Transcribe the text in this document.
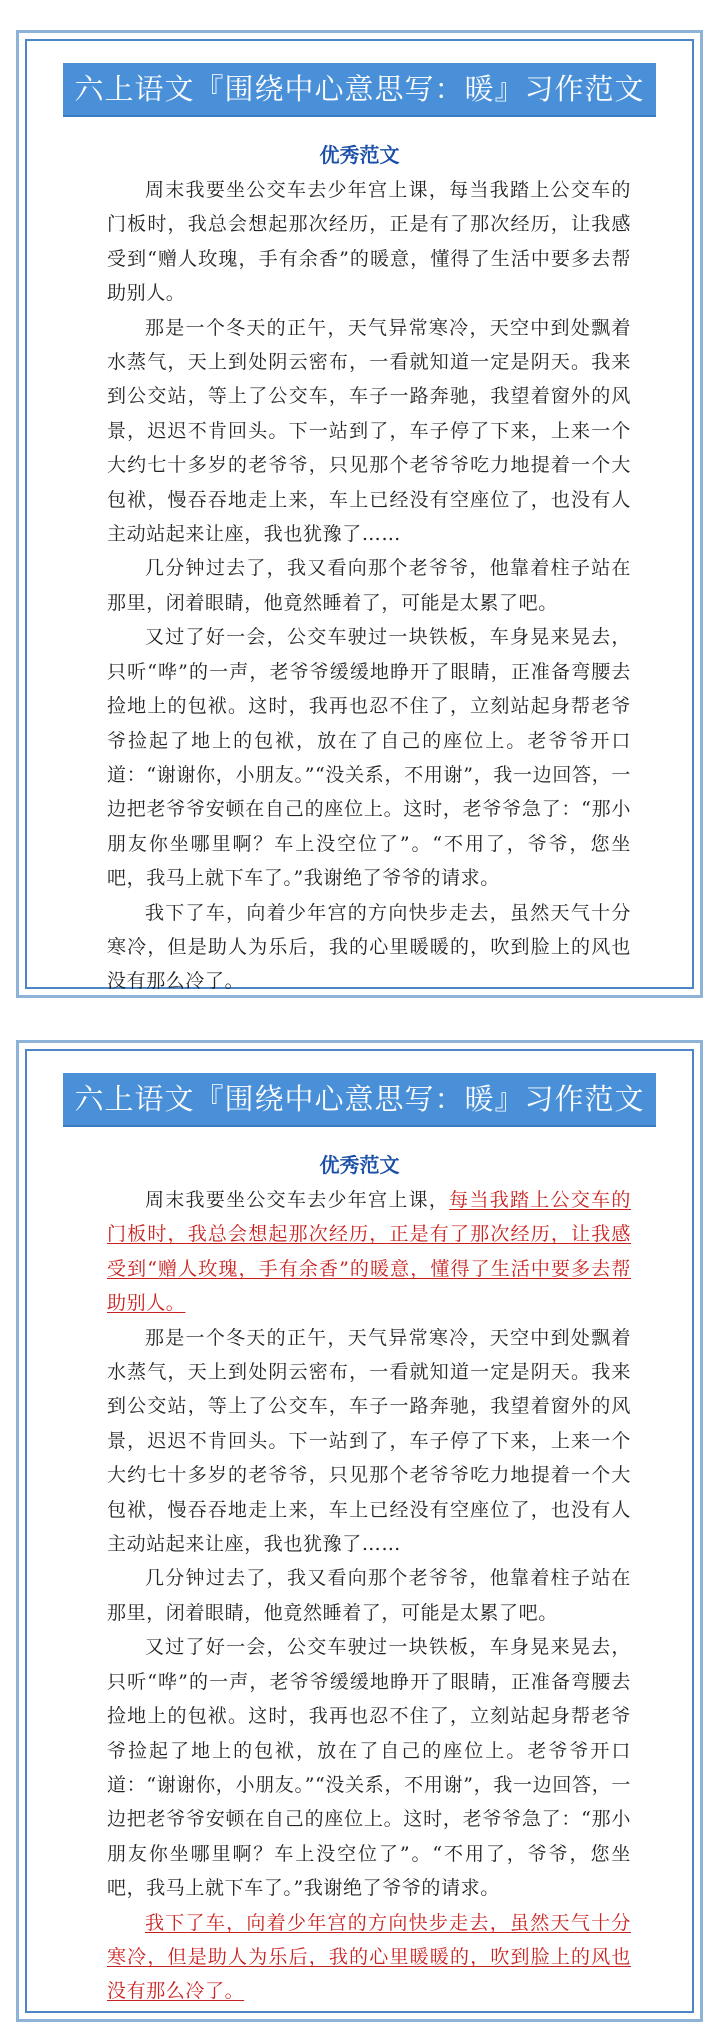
六上语文『围绕中心意思写：暖』习作范文
优秀范文

周末我要坐公交车去少年宫上课，每当我踏上公交车的门板时，我总会想起那次经历，正是有了那次经历，让我感受到“赠人玫瑰，手有余香”的暖意，懂得了生活中要多去帮助别人。

那是一个冬天的正午，天气异常寒冷，天空中到处飘着水蒸气，天上到处阴云密布，一看就知道一定是阴天。我来到公交站，等上了公交车，车子一路奔驰，我望着窗外的风景，迟迟不肯回头。下一站到了，车子停了下来，上来一个大约七十多岁的老爷爷，只见那个老爷爷吃力地提着一个大包袱，慢吞吞地走上来，车上已经没有空座位了，也没有人主动站起来让座，我也犹豫了……

几分钟过去了，我又看向那个老爷爷，他靠着柱子站在那里，闭着眼睛，他竟然睡着了，可能是太累了吧。

又过了好一会，公交车驶过一块铁板，车身晃来晃去，只听“哗”的一声，老爷爷缓缓地睁开了眼睛，正准备弯腰去捡地上的包袱。这时，我再也忍不住了，立刻站起身帮老爷爷捡起了地上的包袱，放在了自己的座位上。老爷爷开口道：“谢谢你，小朋友。”“没关系，不用谢”，我一边回答，一边把老爷爷安顿在自己的座位上。这时，老爷爷急了：“那小朋友你坐哪里啊？车上没空位了”。“不用了，爷爷，您坐吧，我马上就下车了。”我谢绝了爷爷的请求。

我下了车，向着少年宫的方向快步走去，虽然天气十分寒冷，但是助人为乐后，我的心里暖暖的，吹到脸上的风也没有那么冷了。

六上语文『围绕中心意思写：暖』习作范文
优秀范文

周末我要坐公交车去少年宫上课，每当我踏上公交车的门板时，我总会想起那次经历，正是有了那次经历，让我感受到“赠人玫瑰，手有余香”的暖意，懂得了生活中要多去帮助别人。

那是一个冬天的正午，天气异常寒冷，天空中到处飘着水蒸气，天上到处阴云密布，一看就知道一定是阴天。我来到公交站，等上了公交车，车子一路奔驰，我望着窗外的风景，迟迟不肯回头。下一站到了，车子停了下来，上来一个大约七十多岁的老爷爷，只见那个老爷爷吃力地提着一个大包袱，慢吞吞地走上来，车上已经没有空座位了，也没有人主动站起来让座，我也犹豫了……

几分钟过去了，我又看向那个老爷爷，他靠着柱子站在那里，闭着眼睛，他竟然睡着了，可能是太累了吧。

又过了好一会，公交车驶过一块铁板，车身晃来晃去，只听“哗”的一声，老爷爷缓缓地睁开了眼睛，正准备弯腰去捡地上的包袱。这时，我再也忍不住了，立刻站起身帮老爷爷捡起了地上的包袱，放在了自己的座位上。老爷爷开口道：“谢谢你，小朋友。”“没关系，不用谢”，我一边回答，一边把老爷爷安顿在自己的座位上。这时，老爷爷急了：“那小朋友你坐哪里啊？车上没空位了”。“不用了，爷爷，您坐吧，我马上就下车了。”我谢绝了爷爷的请求。

我下了车，向着少年宫的方向快步走去，虽然天气十分寒冷，但是助人为乐后，我的心里暖暖的，吹到脸上的风也没有那么冷了。
